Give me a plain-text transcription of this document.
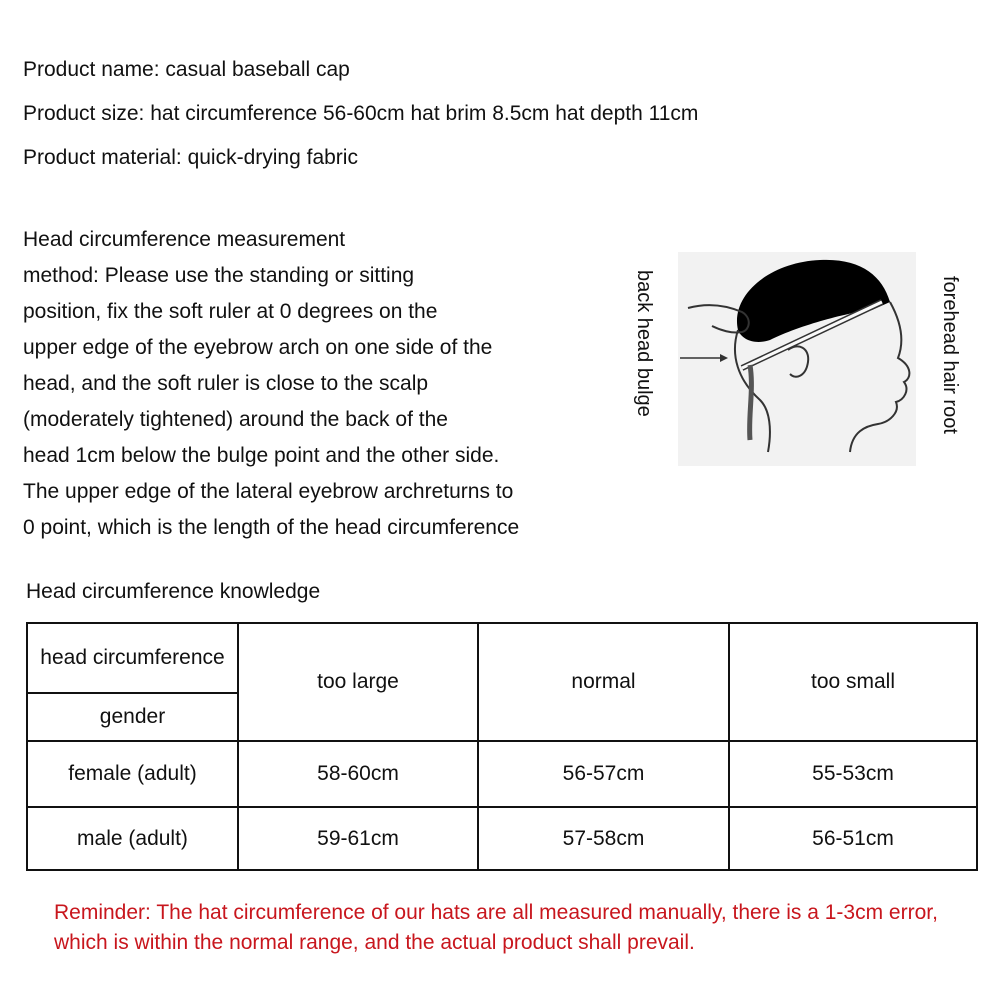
Product name: casual baseball cap
Product size: hat circumference 56-60cm hat brim 8.5cm hat depth 11cm
Product material: quick-drying fabric
Head circumference measurement
method: Please use the standing or sitting
position, fix the soft ruler at 0 degrees on the
upper edge of the eyebrow arch on one side of the
head, and the soft ruler is close to the scalp
(moderately tightened) around the back of the
head 1cm below the bulge point and the other side.
The upper edge of the lateral eyebrow archreturns to
0 point, which is the length of the head circumference
back head bulge	forehead hair root
Head circumference knowledge
head circumference
gender	too large	normal	too small
female (adult)	58-60cm	56-57cm	55-53cm
male (adult)	59-61cm	57-58cm	56-51cm
Reminder: The hat circumference of our hats are all measured manually, there is a 1-3cm error, which is within the normal range, and the actual product shall prevail.
